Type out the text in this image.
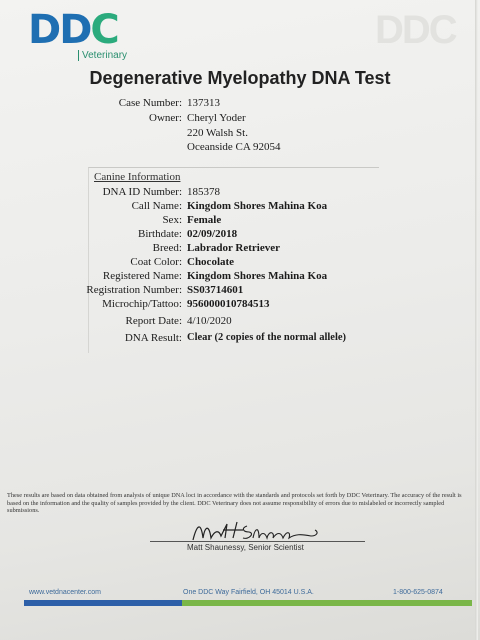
DDC
DDC
Veterinary
Degenerative Myelopathy DNA Test
Case Number: 137313
Owner: Cheryl Yoder
220 Walsh St.
Oceanside CA 92054
Canine Information
DNA ID Number: 185378
Call Name: Kingdom Shores Mahina Koa
Sex: Female
Birthdate: 02/09/2018
Breed: Labrador Retriever
Coat Color: Chocolate
Registered Name: Kingdom Shores Mahina Koa
Registration Number: SS03714601
Microchip/Tattoo: 956000010784513
Report Date: 4/10/2020
DNA Result: Clear (2 copies of the normal allele)
These results are based on data obtained from analysis of unique DNA loci in accordance with the standards and protocols set forth by DDC Veterinary. The accuracy of the result is based on the information and the quality of samples provided by the client. DDC Veterinary does not assume responsibility of errors due to mislabeled or incorrectly sampled submissions.
Matt Shaunessy, Senior Scientist
www.vetdnacenter.com	One DDC Way Fairfield, OH 45014 U.S.A.	1-800-625-0874
